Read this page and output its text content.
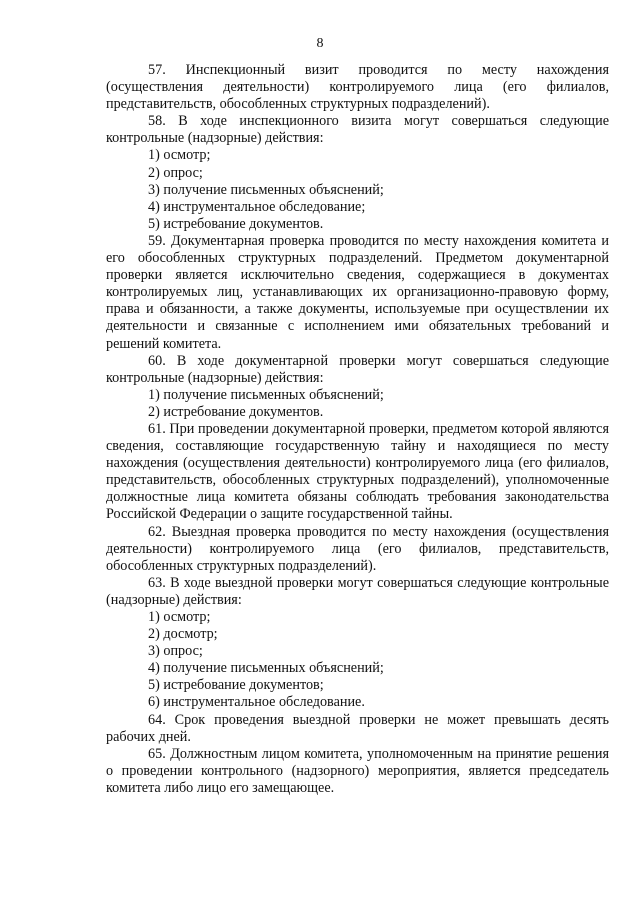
8

57. Инспекционный визит проводится по месту нахождения (осуществления деятельности) контролируемого лица (его филиалов, представительств, обособленных структурных подразделений).

58. В ходе инспекционного визита могут совершаться следующие контрольные (надзорные) действия:

1) осмотр;

2) опрос;

3) получение письменных объяснений;

4) инструментальное обследование;

5) истребование документов.

59. Документарная проверка проводится по месту нахождения комитета и его обособленных структурных подразделений. Предметом документарной проверки является исключительно сведения, содержащиеся в документах контролируемых лиц, устанавливающих их организационно-правовую форму, права и обязанности, а также документы, используемые при осуществлении их деятельности и связанные с исполнением ими обязательных требований и решений комитета.

60. В ходе документарной проверки могут совершаться следующие контрольные (надзорные) действия:

1) получение письменных объяснений;

2) истребование документов.

61. При проведении документарной проверки, предметом которой являются сведения, составляющие государственную тайну и находящиеся по месту нахождения (осуществления деятельности) контролируемого лица (его филиалов, представительств, обособленных структурных подразделений), уполномоченные должностные лица комитета обязаны соблюдать требования законодательства Российской Федерации о защите государственной тайны.

62. Выездная проверка проводится по месту нахождения (осуществления деятельности) контролируемого лица (его филиалов, представительств, обособленных структурных подразделений).

63. В ходе выездной проверки могут совершаться следующие контрольные (надзорные) действия:

1) осмотр;

2) досмотр;

3) опрос;

4) получение письменных объяснений;

5) истребование документов;

6) инструментальное обследование.

64. Срок проведения выездной проверки не может превышать десять рабочих дней.

65. Должностным лицом комитета, уполномоченным на принятие решения о проведении контрольного (надзорного) мероприятия, является председатель комитета либо лицо его замещающее.
